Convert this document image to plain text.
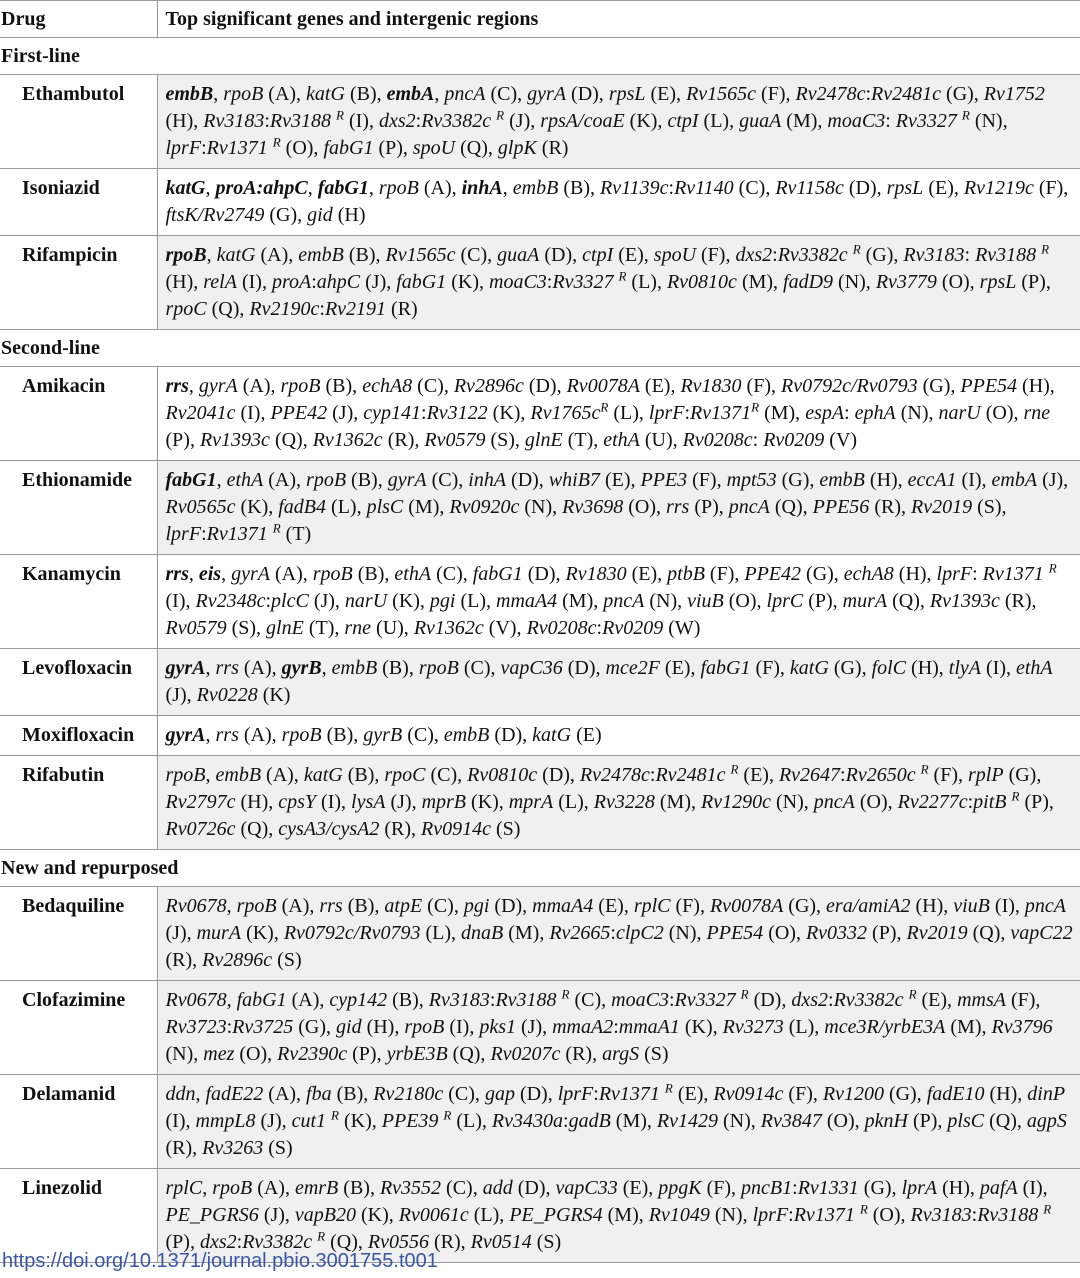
Drug	Top significant genes and intergenic regions
First-line	
Ethambutol	embB, rpoB (A), katG (B), embA, pncA (C), gyrA (D), rpsL (E), Rv1565c (F), Rv2478c:Rv2481c (G), Rv1752 (H), Rv3183:Rv3188 $^R$ (I), dxs2:Rv3382c $^R$ (J), rpsA/coaE (K), ctpI (L), guaA (M), moaC3: Rv3327 $^R$ (N), lprF:Rv1371 $^R$ (O), fabG1 (P), spoU (Q), glpK (R)
Isoniazid	katG, proA:ahpC, fabG1, rpoB (A), inhA, embB (B), Rv1139c:Rv1140 (C), Rv1158c (D), rpsL (E), Rv1219c (F), ftsK/Rv2749 (G), gid (H)
Rifampicin	rpoB, katG (A), embB (B), Rv1565c (C), guaA (D), ctpI (E), spoU (F), dxs2:Rv3382c $^R$ (G), Rv3183: Rv3188 $^R$ (H), relA (I), proA:ahpC (J), fabG1 (K), moaC3:Rv3327 $^R$ (L), Rv0810c (M), fadD9 (N), Rv3779 (O), rpsL (P), rpoC (Q), Rv2190c:Rv2191 (R)
Second-line	
Amikacin	rrs, gyrA (A), rpoB (B), echA8 (C), Rv2896c (D), Rv0078A (E), Rv1830 (F), Rv0792c/Rv0793 (G), PPE54 (H), Rv2041c (I), PPE42 (J), cyp141:Rv3122 (K), $Rv1765c^R$ (L), $lprF:Rv1371^R$ (M), espA: ephA (N), narU (O), rne (P), Rv1393c (Q), Rv1362c (R), Rv0579 (S), glnE (T), ethA (U), Rv0208c: Rv0209 (V)
Ethionamide	fabG1, ethA (A), rpoB (B), gyrA (C), inhA (D), whiB7 (E), PPE3 (F), mpt53 (G), embB (H), eccA1 (I), embA (J), Rv0565c (K), fadB4 (L), plsC (M), Rv0920c (N), Rv3698 (O), rrs (P), pncA (Q), PPE56 (R), Rv2019 (S), lprF:Rv1371 $^R$ (T)
Kanamycin	rrs, eis, gyrA (A), rpoB (B), ethA (C), fabG1 (D), Rv1830 (E), ptbB (F), PPE42 (G), echA8 (H), lprF: Rv1371 $^R$ (I), Rv2348c:plcC (J), narU (K), pgi (L), mmaA4 (M), pncA (N), viuB (O), lprC (P), murA (Q), Rv1393c (R), Rv0579 (S), glnE (T), rne (U), Rv1362c (V), Rv0208c:Rv0209 (W)
Levofloxacin	gyrA, rrs (A), gyrB, embB (B), rpoB (C), vapC36 (D), mce2F (E), fabG1 (F), katG (G), folC (H), tlyA (I), ethA (J), Rv0228 (K)
Moxifloxacin	gyrA, rrs (A), rpoB (B), gyrB (C), embB (D), katG (E)
Rifabutin	rpoB, embB (A), katG (B), rpoC (C), Rv0810c (D), Rv2478c:Rv2481c $^R$ (E), Rv2647:Rv2650c $^R$ (F), rplP (G), Rv2797c (H), cpsY (I), lysA (J), mprB (K), mprA (L), Rv3228 (M), Rv1290c (N), pncA (O), Rv2277c:pitB $^R$ (P), Rv0726c (Q), cysA3/cysA2 (R), Rv0914c (S)
New and repurposed	
Bedaquiline	Rv0678, rpoB (A), rrs (B), atpE (C), pgi (D), mmaA4 (E), rplC (F), Rv0078A (G), era/amiA2 (H), viuB (I), pncA (J), murA (K), Rv0792c/Rv0793 (L), dnaB (M), Rv2665:clpC2 (N), PPE54 (O), Rv0332 (P), Rv2019 (Q), vapC22 (R), Rv2896c (S)
Clofazimine	Rv0678, fabG1 (A), cyp142 (B), Rv3183:Rv3188 $^R$ (C), moaC3:Rv3327 $^R$ (D), dxs2:Rv3382c $^R$ (E), mmsA (F), Rv3723:Rv3725 (G), gid (H), rpoB (I), pks1 (J), mmaA2:mmaA1 (K), Rv3273 (L), mce3R/yrbE3A (M), Rv3796 (N), mez (O), Rv2390c (P), yrbE3B (Q), Rv0207c (R), argS (S)
Delamanid	ddn, fadE22 (A), fba (B), Rv2180c (C), gap (D), lprF:Rv1371 $^R$ (E), Rv0914c (F), Rv1200 (G), fadE10 (H), dinP (I), mmpL8 (J), cut1 $^R$ (K), PPE39 $^R$ (L), Rv3430a:gadB (M), Rv1429 (N), Rv3847 (O), pknH (P), plsC (Q), agpS (R), Rv3263 (S)
Linezolid	rplC, rpoB (A), emrB (B), Rv3552 (C), add (D), vapC33 (E), ppgK (F), pncB1:Rv1331 (G), lprA (H), pafA (I), PE_PGRS6 (J), vapB20 (K), Rv0061c (L), PE_PGRS4 (M), Rv1049 (N), lprF:Rv1371 $^R$ (O), Rv3183:Rv3188 $^R$ (P), dxs2:Rv3382c $^R$ (Q), Rv0556 (R), Rv0514 (S)
https://doi.org/10.1371/journal.pbio.3001755.t001
